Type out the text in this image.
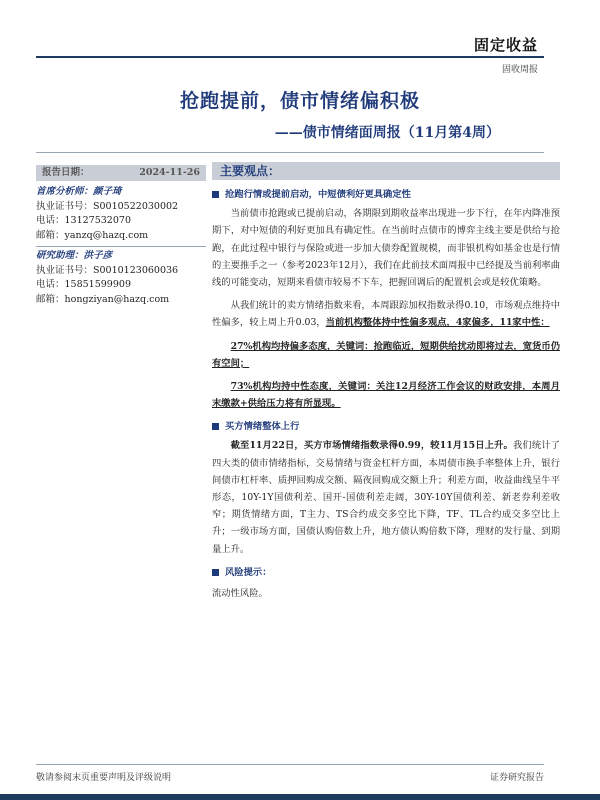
固定收益
固收周报
抢跑提前，债市情绪偏积极
——债市情绪面周报（11月第4周）
报告日期：	2024-11-26
首席分析师：颜子琦
执业证书号：S0010522030002
电话：13127532070
邮箱：yanzq@hazq.com
研究助理：洪子彦
执业证书号：S0010123060036
电话：15851599909
邮箱：hongziyan@hazq.com
主要观点：
抢跑行情或提前启动，中短债利好更具确定性
当前债市抢跑或已提前启动，各期限到期收益率出现进一步下行，在年内降准预期下，对中短债的利好更加具有确定性。在当前时点债市的博弈主线主要是供给与抢跑，在此过程中银行与保险或进一步加大债券配置规模，而非银机构如基金也是行情的主要推手之一（参考2023年12月），我们在此前技术面周报中已经提及当前利率曲线的可能变动，短期来看债市较易不下车，把握回调后的配置机会或是较优策略。
从我们统计的卖方情绪指数来看，本周跟踪加权指数录得0.10，市场观点维持中性偏多，较上周上升0.03，当前机构整体持中性偏多观点，4家偏多，11家中性：
27%机构均持偏多态度，关键词：抢跑临近，短期供给扰动即将过去，宽货币仍有空间；
73%机构均持中性态度，关键词：关注12月经济工作会议的财政安排，本周月末缴款+供给压力将有所显现。
买方情绪整体上行
截至11月22日，买方市场情绪指数录得0.99，较11月15日上升。我们统计了四大类的债市情绪指标，交易情绪与资金杠杆方面，本周债市换手率整体上升，银行间债市杠杆率、质押回购成交额、隔夜回购成交额上升；利差方面，收益曲线呈牛平形态，10Y-1Y国债利差、国开-国债利差走阔，30Y-10Y国债利差、新老券利差收窄；期货情绪方面，T主力、TS合约成交多空比下降，TF、TL合约成交多空比上升；一级市场方面，国债认购倍数上升，地方债认购倍数下降，理财的发行量、到期量上升。
风险提示：
流动性风险。
敬请参阅末页重要声明及评级说明	证券研究报告
